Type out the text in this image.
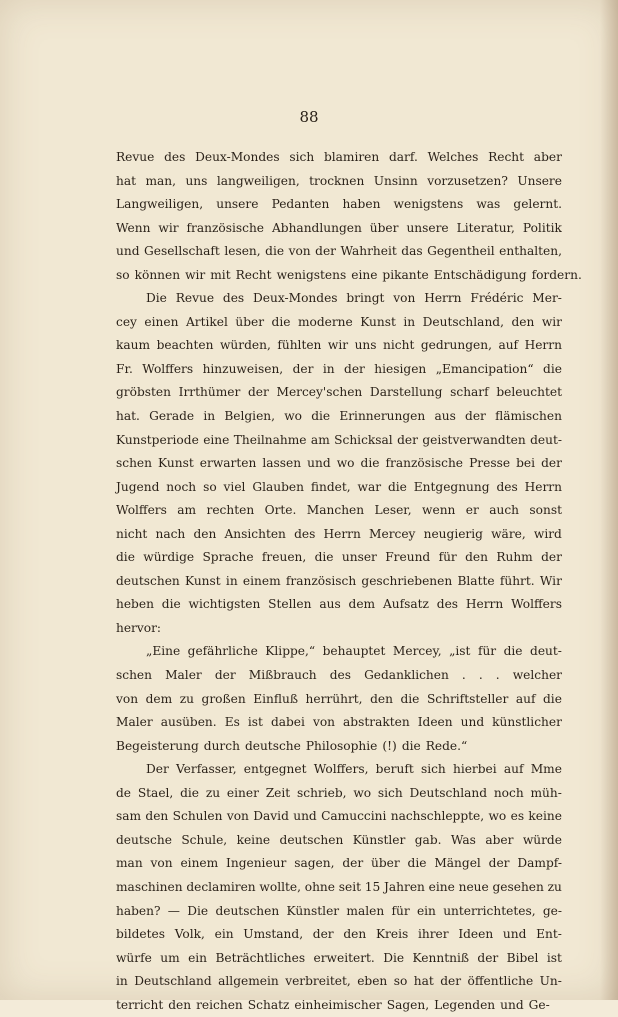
88
Revue des Deux-Mondes sich blamiren darf. Welches Recht aber
hat man, uns langweiligen, trocknen Unsinn vorzusetzen? Unsere
Langweiligen, unsere Pedanten haben wenigstens was gelernt.
Wenn wir französische Abhandlungen über unsere Literatur, Politik
und Gesellschaft lesen, die von der Wahrheit das Gegentheil enthalten,
so können wir mit Recht wenigstens eine pikante Entschädigung fordern.
Die Revue des Deux-Mondes bringt von Herrn Frédéric Mer-
cey einen Artikel über die moderne Kunst in Deutschland, den wir
kaum beachten würden, fühlten wir uns nicht gedrungen, auf Herrn
Fr. Wolffers hinzuweisen, der in der hiesigen „Emancipation“ die
gröbsten Irrthümer der Mercey'schen Darstellung scharf beleuchtet
hat. Gerade in Belgien, wo die Erinnerungen aus der flämischen
Kunstperiode eine Theilnahme am Schicksal der geistverwandten deut-
schen Kunst erwarten lassen und wo die französische Presse bei der
Jugend noch so viel Glauben findet, war die Entgegnung des Herrn
Wolffers am rechten Orte. Manchen Leser, wenn er auch sonst
nicht nach den Ansichten des Herrn Mercey neugierig wäre, wird
die würdige Sprache freuen, die unser Freund für den Ruhm der
deutschen Kunst in einem französisch geschriebenen Blatte führt. Wir
heben die wichtigsten Stellen aus dem Aufsatz des Herrn Wolffers
hervor:
„Eine gefährliche Klippe,“ behauptet Mercey, „ist für die deut-
schen Maler der Mißbrauch des Gedanklichen . . . welcher
von dem zu großen Einfluß herrührt, den die Schriftsteller auf die
Maler ausüben. Es ist dabei von abstrakten Ideen und künstlicher
Begeisterung durch deutsche Philosophie (!) die Rede.“
Der Verfasser, entgegnet Wolffers, beruft sich hierbei auf Mme
de Stael, die zu einer Zeit schrieb, wo sich Deutschland noch müh-
sam den Schulen von David und Camuccini nachschleppte, wo es keine
deutsche Schule, keine deutschen Künstler gab. Was aber würde
man von einem Ingenieur sagen, der über die Mängel der Dampf-
maschinen declamiren wollte, ohne seit 15 Jahren eine neue gesehen zu
haben? — Die deutschen Künstler malen für ein unterrichtetes, ge-
bildetes Volk, ein Umstand, der den Kreis ihrer Ideen und Ent-
würfe um ein Beträchtliches erweitert. Die Kenntniß der Bibel ist
in Deutschland allgemein verbreitet, eben so hat der öffentliche Un-
terricht den reichen Schatz einheimischer Sagen, Legenden und Ge-
